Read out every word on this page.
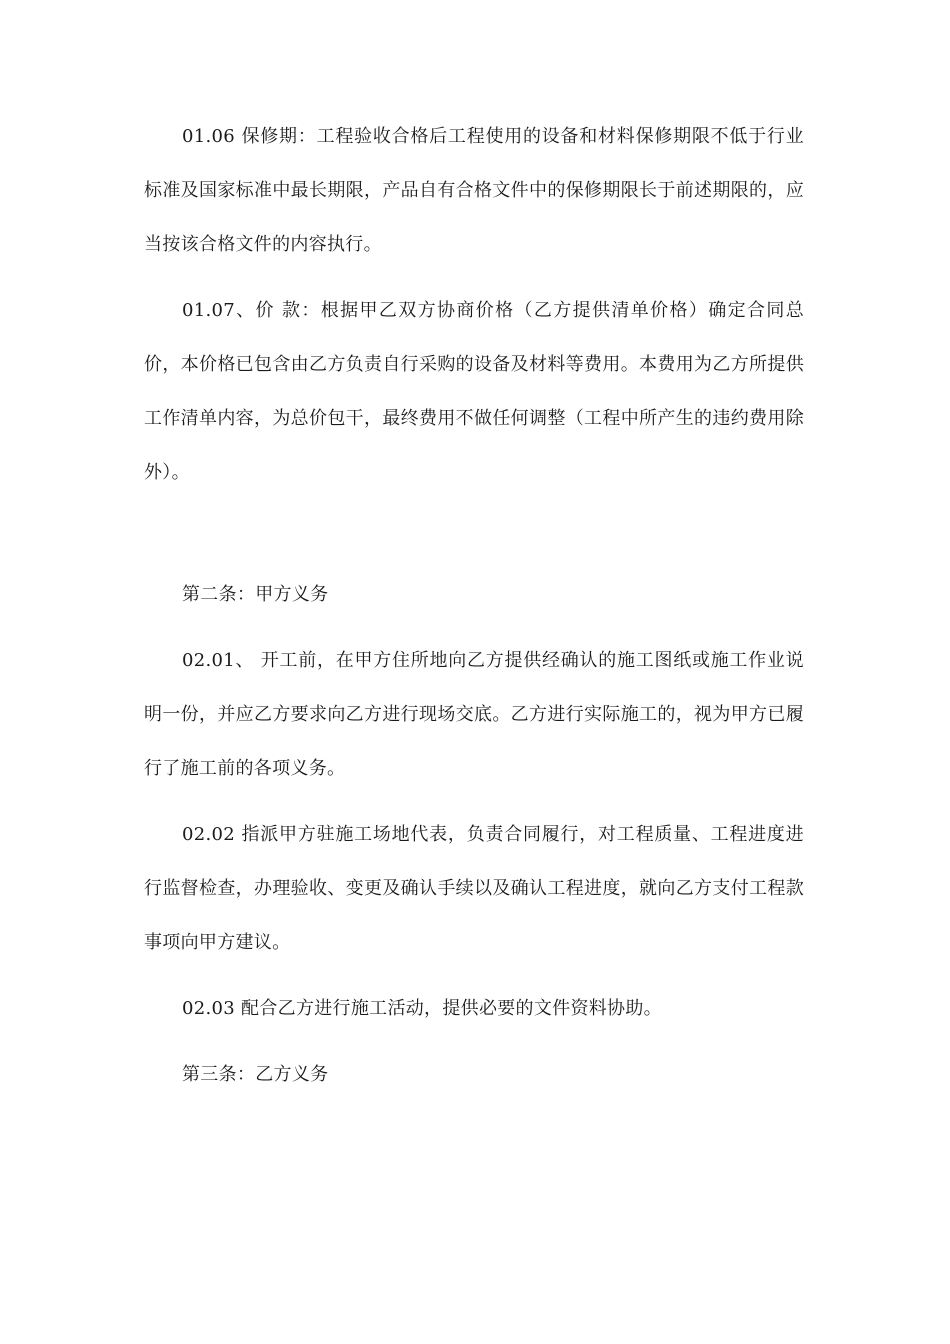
01.06 保修期：工程验收合格后工程使用的设备和材料保修期限不低于行业标准及国家标准中最长期限，产品自有合格文件中的保修期限长于前述期限的，应当按该合格文件的内容执行。

01.07、价 款：根据甲乙双方协商价格（乙方提供清单价格）确定合同总价，本价格已包含由乙方负责自行采购的设备及材料等费用。本费用为乙方所提供工作清单内容，为总价包干，最终费用不做任何调整（工程中所产生的违约费用除外）。

第二条：甲方义务

02.01、 开工前，在甲方住所地向乙方提供经确认的施工图纸或施工作业说明一份，并应乙方要求向乙方进行现场交底。乙方进行实际施工的，视为甲方已履行了施工前的各项义务。

02.02 指派甲方驻施工场地代表，负责合同履行，对工程质量、工程进度进行监督检查，办理验收、变更及确认手续以及确认工程进度，就向乙方支付工程款事项向甲方建议。

02.03 配合乙方进行施工活动，提供必要的文件资料协助。

第三条：乙方义务
